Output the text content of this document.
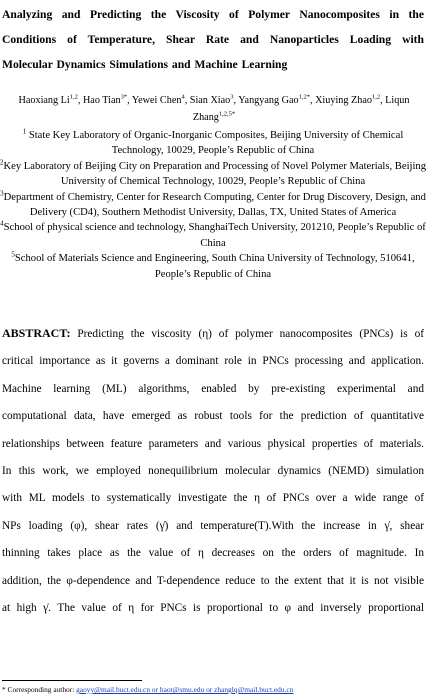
Analyzing and Predicting the Viscosity of Polymer Nanocomposites in the
Conditions of Temperature, Shear Rate and Nanoparticles Loading with
Molecular Dynamics Simulations and Machine Learning
Haoxiang Li$^{1,2}$, Hao Tian$^{3*}$, Yewei Chen$^4$, Sian Xiao$^3$, Yangyang Gao$^{1,2*}$, Xiuying Zhao$^{1,2}$, Liqun Zhang$^{1,2,5*}$
$^1$ State Key Laboratory of Organic-Inorganic Composites, Beijing University of Chemical Technology, 10029, People’s Republic of China
$^2$Key Laboratory of Beijing City on Preparation and Processing of Novel Polymer Materials, Beijing University of Chemical Technology, 10029, People’s Republic of China
$^3$Department of Chemistry, Center for Research Computing, Center for Drug Discovery, Design, and Delivery (CD4), Southern Methodist University, Dallas, TX, United States of America
$^4$School of physical science and technology, ShanghaiTech University, 201210, People’s Republic of China
$^5$School of Materials Science and Engineering, South China University of Technology, 510641, People’s Republic of China
ABSTRACT: Predicting the viscosity (η) of polymer nanocomposites (PNCs) is of
critical importance as it governs a dominant role in PNCs processing and application.
Machine learning (ML) algorithms, enabled by pre-existing experimental and
computational data, have emerged as robust tools for the prediction of quantitative
relationships between feature parameters and various physical properties of materials.
In this work, we employed nonequilibrium molecular dynamics (NEMD) simulation
with ML models to systematically investigate the η of PNCs over a wide range of
NPs loading (φ), shear rates (γ̇) and temperature(T).With the increase in γ̇, shear
thinning takes place as the value of η decreases on the orders of magnitude. In
addition, the φ-dependence and T-dependence reduce to the extent that it is not visible
at high γ̇. The value of η for PNCs is proportional to φ and inversely proportional
* Corresponding author: gaoyy@mail.buct.edu.cn or haot@smu.edu or zhanglq@mail.buct.edu.cn
